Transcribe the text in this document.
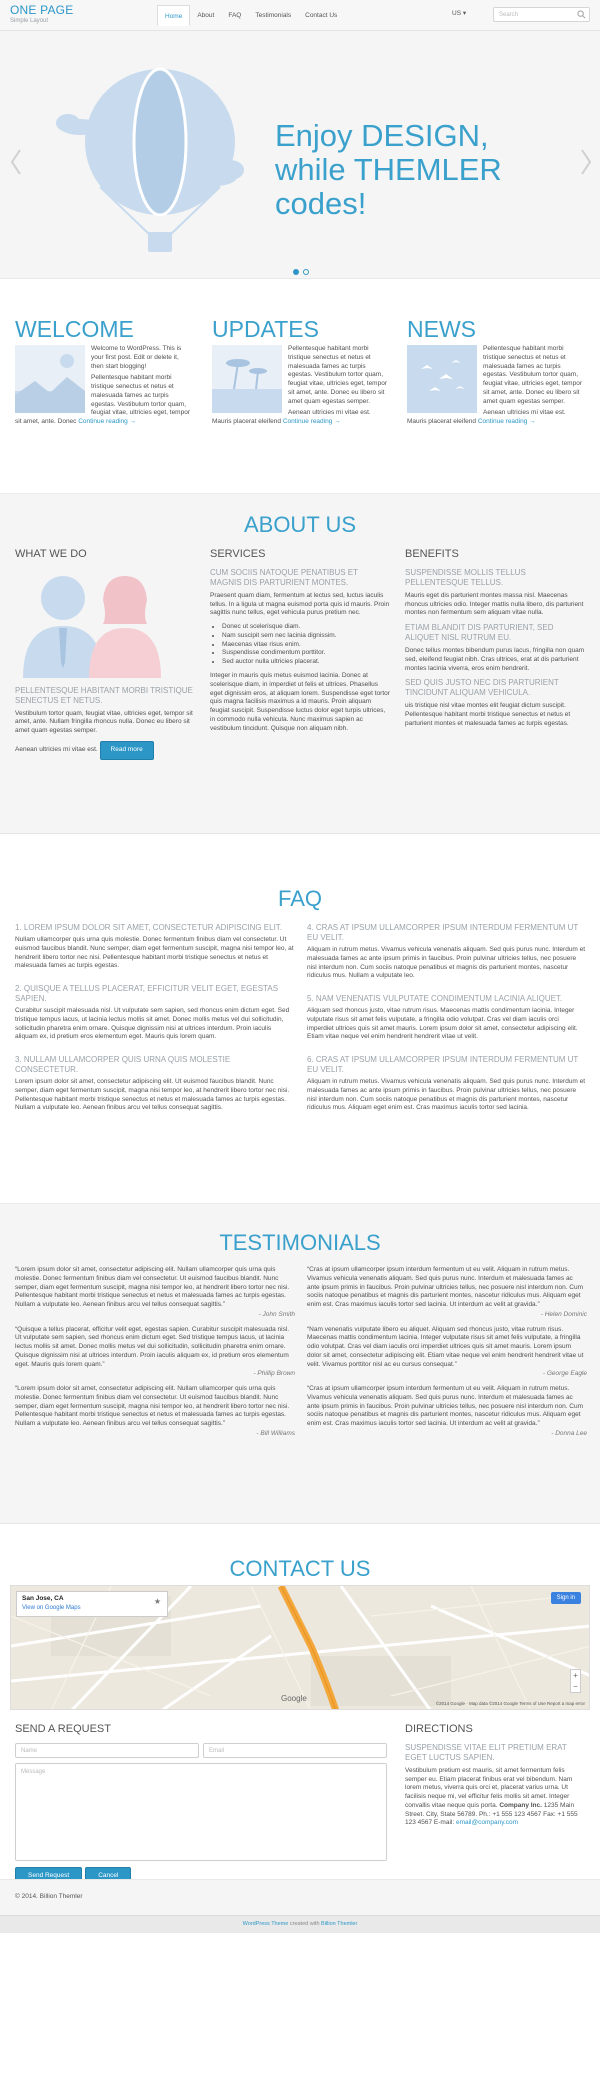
ONE PAGE
Simple Layout
Home	About	FAQ	Testimonials	Contact Us	US ▾	Search
Enjoy DESIGN,
while THEMLER codes!
WELCOME

Welcome to WordPress. This is your first post. Edit or delete it, then start blogging!

Pellentesque habitant morbi tristique senectus et netus et malesuada fames ac turpis egestas. Vestibulum tortor quam, feugiat vitae, ultricies eget, tempor sit amet, ante. Donec Continue reading →

UPDATES

Pellentesque habitant morbi tristique senectus et netus et malesuada fames ac turpis egestas. Vestibulum tortor quam, feugiat vitae, ultricies eget, tempor sit amet, ante. Donec eu libero sit amet quam egestas semper.

Aenean ultricies mi vitae est. Mauris placerat eleifend Continue reading →

NEWS

Pellentesque habitant morbi tristique senectus et netus et malesuada fames ac turpis egestas. Vestibulum tortor quam, feugiat vitae, ultricies eget, tempor sit amet, ante. Donec eu libero sit amet quam egestas semper.

Aenean ultricies mi vitae est. Mauris placerat eleifend Continue reading →

ABOUT US
WHAT WE DO
PELLENTESQUE HABITANT MORBI TRISTIQUE SENECTUS ET NETUS.

Vestibulum tortor quam, feugiat vitae, ultricies eget, tempor sit amet, ante. Nullam fringilla rhoncus nulla. Donec eu libero sit amet quam egestas semper.

Aenean ultricies mi vitae est. Read more

SERVICES
CUM SOCIIS NATOQUE PENATIBUS ET MAGNIS DIS PARTURIENT MONTES.

Praesent quam diam, fermentum at lectus sed, luctus iaculis tellus. In a ligula ut magna euismod porta quis id mauris. Proin sagittis nunc tellus, eget vehicula purus pretium nec.

• Donec ut scelerisque diam.
• Nam suscipit sem nec lacinia dignissim.
• Maecenas vitae risus enim.
• Suspendisse condimentum porttitor.
• Sed auctor nulla ultricies placerat.

Integer in mauris quis metus euismod lacinia. Donec at scelerisque diam, in imperdiet ut felis et ultrices. Phasellus eget dignissim eros, at aliquam lorem. Suspendisse eget tortor quis magna facilisis maximus a id mauris. Proin aliquam feugiat suscipit. Suspendisse luctus dolor eget turpis ultrices, in commodo nulla vehicula. Nunc maximus sapien ac vestibulum tincidunt. Quisque non aliquam nibh.

BENEFITS
SUSPENDISSE MOLLIS TELLUS PELLENTESQUE TELLUS.

Mauris eget dis parturient montes massa nisl. Maecenas rhoncus ultricies odio. Integer mattis nulla libero, dis parturient montes non fermentum sem aliquam vitae nulla.

ETIAM BLANDIT DIS PARTURIENT, SED ALIQUET NISL RUTRUM EU.

Donec tellus montes bibendum purus lacus, fringilla non quam sed, eleifend feugiat nibh. Cras ultrices, erat at dis parturient montes lacinia viverra, eros enim hendrerit.

SED QUIS JUSTO NEC DIS PARTURIENT TINCIDUNT ALIQUAM VEHICULA.

uis tristique nisl vitae montes elit feugiat dictum suscipit. Pellentesque habitant morbi tristique senectus et netus et parturient montes et malesuada fames ac turpis egestas.

FAQ
1. LOREM IPSUM DOLOR SIT AMET, CONSECTETUR ADIPISCING ELIT.

Nullam ullamcorper quis urna quis molestie. Donec fermentum finibus diam vel consectetur. Ut euismod faucibus blandit. Nunc semper, diam eget fermentum suscipit, magna nisi tempor leo, at hendrerit libero tortor nec nisi. Pellentesque habitant morbi tristique senectus et netus et malesuada fames ac turpis egestas.

2. QUISQUE A TELLUS PLACERAT, EFFICITUR VELIT EGET, EGESTAS SAPIEN.

Curabitur suscipit malesuada nisl. Ut vulputate sem sapien, sed rhoncus enim dictum eget. Sed tristique tempus lacus, ut lacinia lectus mollis sit amet. Donec mollis metus vel dui sollicitudin, sollicitudin pharetra enim ornare. Quisque dignissim nisi at ultrices interdum. Proin iaculis aliquam ex, id pretium eros elementum eget. Mauris quis lorem quam.

3. NULLAM ULLAMCORPER QUIS URNA QUIS MOLESTIE CONSECTETUR.

Lorem ipsum dolor sit amet, consectetur adipiscing elit. Ut euismod faucibus blandit. Nunc semper, diam eget fermentum suscipit, magna nisi tempor leo, at hendrerit libero tortor nec nisi. Pellentesque habitant morbi tristique senectus et netus et malesuada fames ac turpis egestas. Nullam a vulputate leo. Aenean finibus arcu vel tellus consequat sagittis.

4. CRAS AT IPSUM ULLAMCORPER IPSUM INTERDUM FERMENTUM UT EU VELIT.

Aliquam in rutrum metus. Vivamus vehicula venenatis aliquam. Sed quis purus nunc. Interdum et malesuada fames ac ante ipsum primis in faucibus. Proin pulvinar ultricies tellus, nec posuere nisl interdum non. Cum sociis natoque penatibus et magnis dis parturient montes, nascetur ridiculus mus. Nullam a vulputate leo.

5. NAM VENENATIS VULPUTATE CONDIMENTUM LACINIA ALIQUET.

Aliquam sed rhoncus justo, vitae rutrum risus. Maecenas mattis condimentum lacinia. Integer vulputate risus sit amet felis vulputate, a fringilla odio volutpat. Cras vel diam iaculis orci imperdiet ultrices quis sit amet mauris. Lorem ipsum dolor sit amet, consectetur adipiscing elit. Etiam vitae neque vel enim hendrerit hendrerit vitae ut velit.

6. CRAS AT IPSUM ULLAMCORPER IPSUM INTERDUM FERMENTUM UT EU VELIT.

Aliquam in rutrum metus. Vivamus vehicula venenatis aliquam. Sed quis purus nunc. Interdum et malesuada fames ac ante ipsum primis in faucibus. Proin pulvinar ultricies tellus, nec posuere nisl interdum non. Cum sociis natoque penatibus et magnis dis parturient montes, nascetur ridiculus mus. Aliquam eget enim est. Cras maximus iaculis tortor sed lacinia.

TESTIMONIALS

“Lorem ipsum dolor sit amet, consectetur adipiscing elit. Nullam ullamcorper quis urna quis molestie. Donec fermentum finibus diam vel consectetur. Ut euismod faucibus blandit. Nunc semper, diam eget fermentum suscipit, magna nisi tempor leo, at hendrerit libero tortor nec nisi. Pellentesque habitant morbi tristique senectus et netus et malesuada fames ac turpis egestas. Nullam a vulputate leo. Aenean finibus arcu vel tellus consequat sagittis.”

- John Smith

“Quisque a tellus placerat, efficitur velit eget, egestas sapien. Curabitur suscipit malesuada nisl. Ut vulputate sem sapien, sed rhoncus enim dictum eget. Sed tristique tempus lacus, ut lacinia lectus mollis sit amet. Donec mollis metus vel dui sollicitudin, sollicitudin pharetra enim ornare. Quisque dignissim nisi at ultrices interdum. Proin iaculis aliquam ex, id pretium eros elementum eget. Mauris quis lorem quam.”

- Phillip Brown

“Lorem ipsum dolor sit amet, consectetur adipiscing elit. Nullam ullamcorper quis urna quis molestie. Donec fermentum finibus diam vel consectetur. Ut euismod faucibus blandit. Nunc semper, diam eget fermentum suscipit, magna nisi tempor leo, at hendrerit libero tortor nec nisi. Pellentesque habitant morbi tristique senectus et netus et malesuada fames ac turpis egestas. Nullam a vulputate leo. Aenean finibus arcu vel tellus consequat sagittis.”

- Bill Williams

“Cras at ipsum ullamcorper ipsum interdum fermentum ut eu velit. Aliquam in rutrum metus. Vivamus vehicula venenatis aliquam. Sed quis purus nunc. Interdum et malesuada fames ac ante ipsum primis in faucibus. Proin pulvinar ultricies tellus, nec posuere nisl interdum non. Cum sociis natoque penatibus et magnis dis parturient montes, nascetur ridiculus mus. Aliquam eget enim est. Cras maximus iaculis tortor sed lacinia. Ut interdum ac velit at gravida.”

- Helen Dominic

“Nam venenatis vulputate libero eu aliquet. Aliquam sed rhoncus justo, vitae rutrum risus. Maecenas mattis condimentum lacinia. Integer vulputate risus sit amet felis vulputate, a fringilla odio volutpat. Cras vel diam iaculis orci imperdiet ultrices quis sit amet mauris. Lorem ipsum dolor sit amet, consectetur adipiscing elit. Etiam vitae neque vel enim hendrerit hendrerit vitae ut velit. Vivamus porttitor nisl ac eu cursus consequat.”

- George Eagle

“Cras at ipsum ullamcorper ipsum interdum fermentum ut eu velit. Aliquam in rutrum metus. Vivamus vehicula venenatis aliquam. Sed quis purus nunc. Interdum et malesuada fames ac ante ipsum primis in faucibus. Proin pulvinar ultricies tellus, nec posuere nisl interdum non. Cum sociis natoque penatibus et magnis dis parturient montes, nascetur ridiculus mus. Aliquam eget enim est. Cras maximus iaculis tortor sed lacinia. Ut interdum ac velit at gravida.”

- Donna Lee
CONTACT US
San Jose, CA
View on Google Maps
★	Sign in
+
−
Google
©2014 Google · Map data ©2014 Google Terms of Use Report a map error
SEND A REQUEST
Name	Email
Message
Send Request	Cancel
DIRECTIONS
SUSPENDISSE VITAE ELIT PRETIUM ERAT EGET LUCTUS SAPIEN.

Vestibulum pretium est mauris, sit amet fermentum felis semper eu. Etiam placerat finibus erat vel bibendum. Nam lorem metus, viverra quis orci et, placerat varius urna. Ut facilisis neque mi, vel efficitur felis mollis sit amet. Integer convallis vitae neque quis porta. Company Inc. 1235 Main Street. City, State 56789. Ph.: +1 555 123 4567 Fax: +1 555 123 4567 E-mail: email@company.com

© 2014. Billion Themler
WordPress Theme created with Billion Themler
